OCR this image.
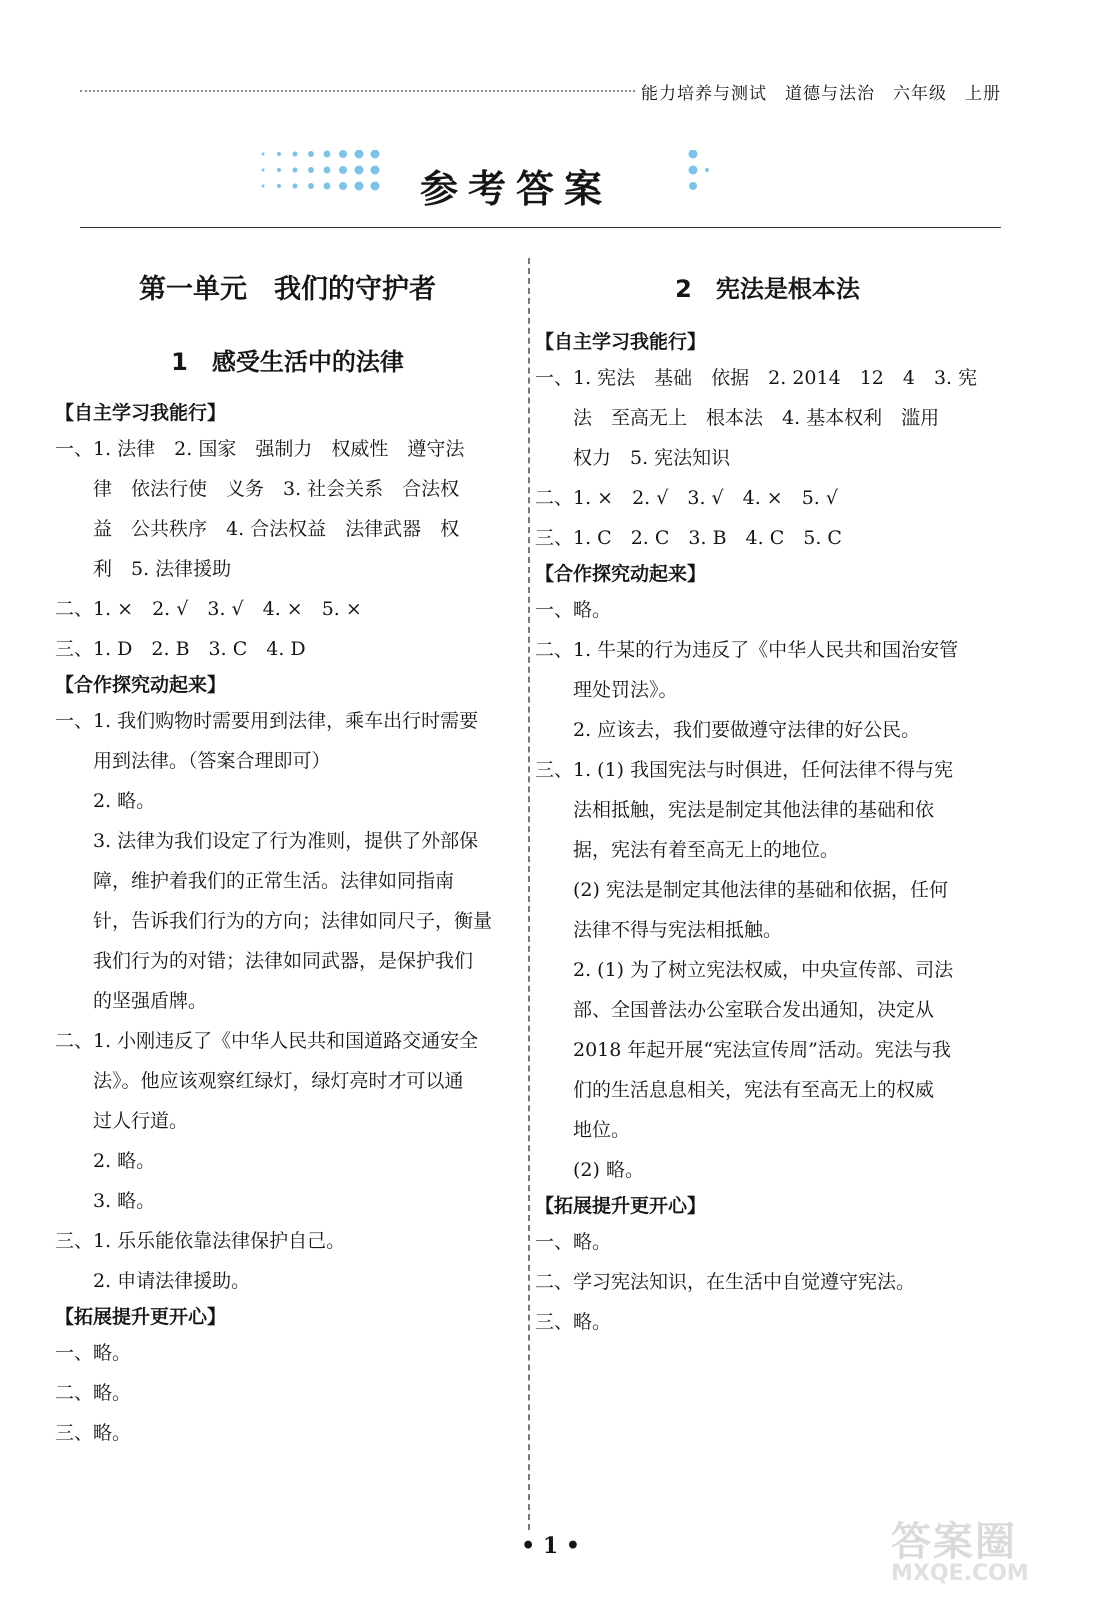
能力培养与测试　道德与法治　六年级　上册
参考答案
第一单元　我们的守护者
1　感受生活中的法律
【自主学习我能行】
一、1. 法律　2. 国家　强制力　权威性　遵守法
律　依法行使　义务　3. 社会关系　合法权
益　公共秩序　4. 合法权益　法律武器　权
利　5. 法律援助
二、1. ×　2. √　3. √　4. ×　5. ×
三、1. D　2. B　3. C　4. D
【合作探究动起来】
一、1. 我们购物时需要用到法律，乘车出行时需要
用到法律。（答案合理即可）
2. 略。
3. 法律为我们设定了行为准则，提供了外部保
障，维护着我们的正常生活。法律如同指南
针，告诉我们行为的方向；法律如同尺子，衡量
我们行为的对错；法律如同武器，是保护我们
的坚强盾牌。
二、1. 小刚违反了《中华人民共和国道路交通安全
法》。他应该观察红绿灯，绿灯亮时才可以通
过人行道。
2. 略。
3. 略。
三、1. 乐乐能依靠法律保护自己。
2. 申请法律援助。
【拓展提升更开心】
一、略。
二、略。
三、略。
2　宪法是根本法
【自主学习我能行】
一、1. 宪法　基础　依据　2. 2014　12　4　3. 宪
法　至高无上　根本法　4. 基本权利　滥用
权力　5. 宪法知识
二、1. ×　2. √　3. √　4. ×　5. √
三、1. C　2. C　3. B　4. C　5. C
【合作探究动起来】
一、略。
二、1. 牛某的行为违反了《中华人民共和国治安管
理处罚法》。
2. 应该去，我们要做遵守法律的好公民。
三、1. (1) 我国宪法与时俱进，任何法律不得与宪
法相抵触，宪法是制定其他法律的基础和依
据，宪法有着至高无上的地位。
(2) 宪法是制定其他法律的基础和依据，任何
法律不得与宪法相抵触。
2. (1) 为了树立宪法权威，中央宣传部、司法
部、全国普法办公室联合发出通知，决定从
2018 年起开展“宪法宣传周”活动。宪法与我
们的生活息息相关，宪法有至高无上的权威
地位。
(2) 略。
【拓展提升更开心】
一、略。
二、学习宪法知识，在生活中自觉遵守宪法。
三、略。
• 1 •	答案圈
MXQE.COM
